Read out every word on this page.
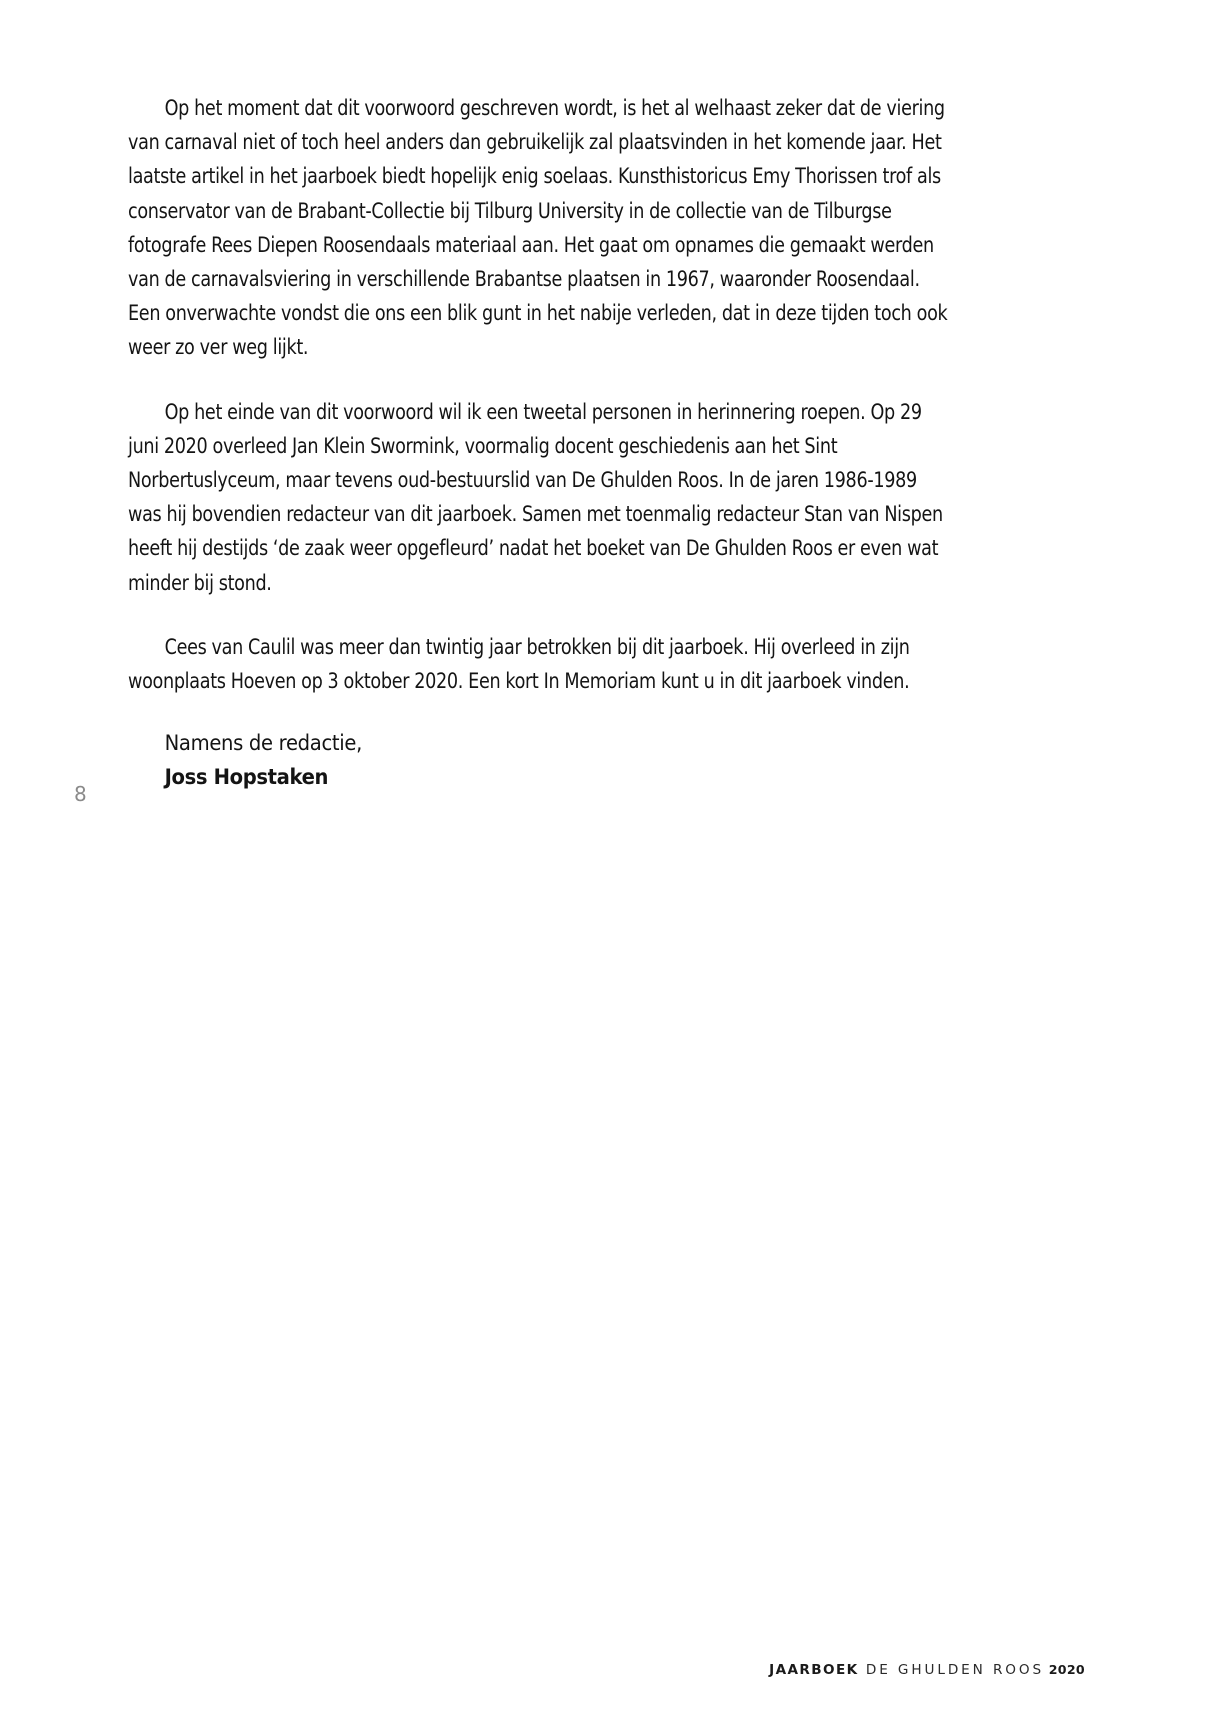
Op het moment dat dit voorwoord geschreven wordt, is het al welhaast zeker dat de viering van carnaval niet of toch heel anders dan gebruikelijk zal plaatsvinden in het komende jaar. Het laatste artikel in het jaarboek biedt hopelijk enig soelaas. Kunsthistoricus Emy Thorissen trof als conservator van de Brabant-Collectie bij Tilburg University in de collectie van de Tilburgse fotografe Rees Diepen Roosendaals materiaal aan. Het gaat om opnames die gemaakt werden van de carnavalsviering in verschillende Brabantse plaatsen in 1967, waaronder Roosendaal. Een onverwachte vondst die ons een blik gunt in het nabije verleden, dat in deze tijden toch ook weer zo ver weg lijkt.

Op het einde van dit voorwoord wil ik een tweetal personen in herinnering roepen. Op 29 juni 2020 overleed Jan Klein Swormink, voormalig docent geschiedenis aan het Sint Norbertuslyceum, maar tevens oud-bestuurslid van De Ghulden Roos. In de jaren 1986-1989 was hij bovendien redacteur van dit jaarboek. Samen met toenmalig redacteur Stan van Nispen heeft hij destijds ‘de zaak weer opgefleurd’ nadat het boeket van De Ghulden Roos er even wat minder bij stond.

Cees van Caulil was meer dan twintig jaar betrokken bij dit jaarboek. Hij overleed in zijn woonplaats Hoeven op 3 oktober 2020. Een kort In Memoriam kunt u in dit jaarboek vinden.

Namens de redactie,
Joss Hopstaken
8
JAARBOEK DE GHULDEN ROOS 2020
